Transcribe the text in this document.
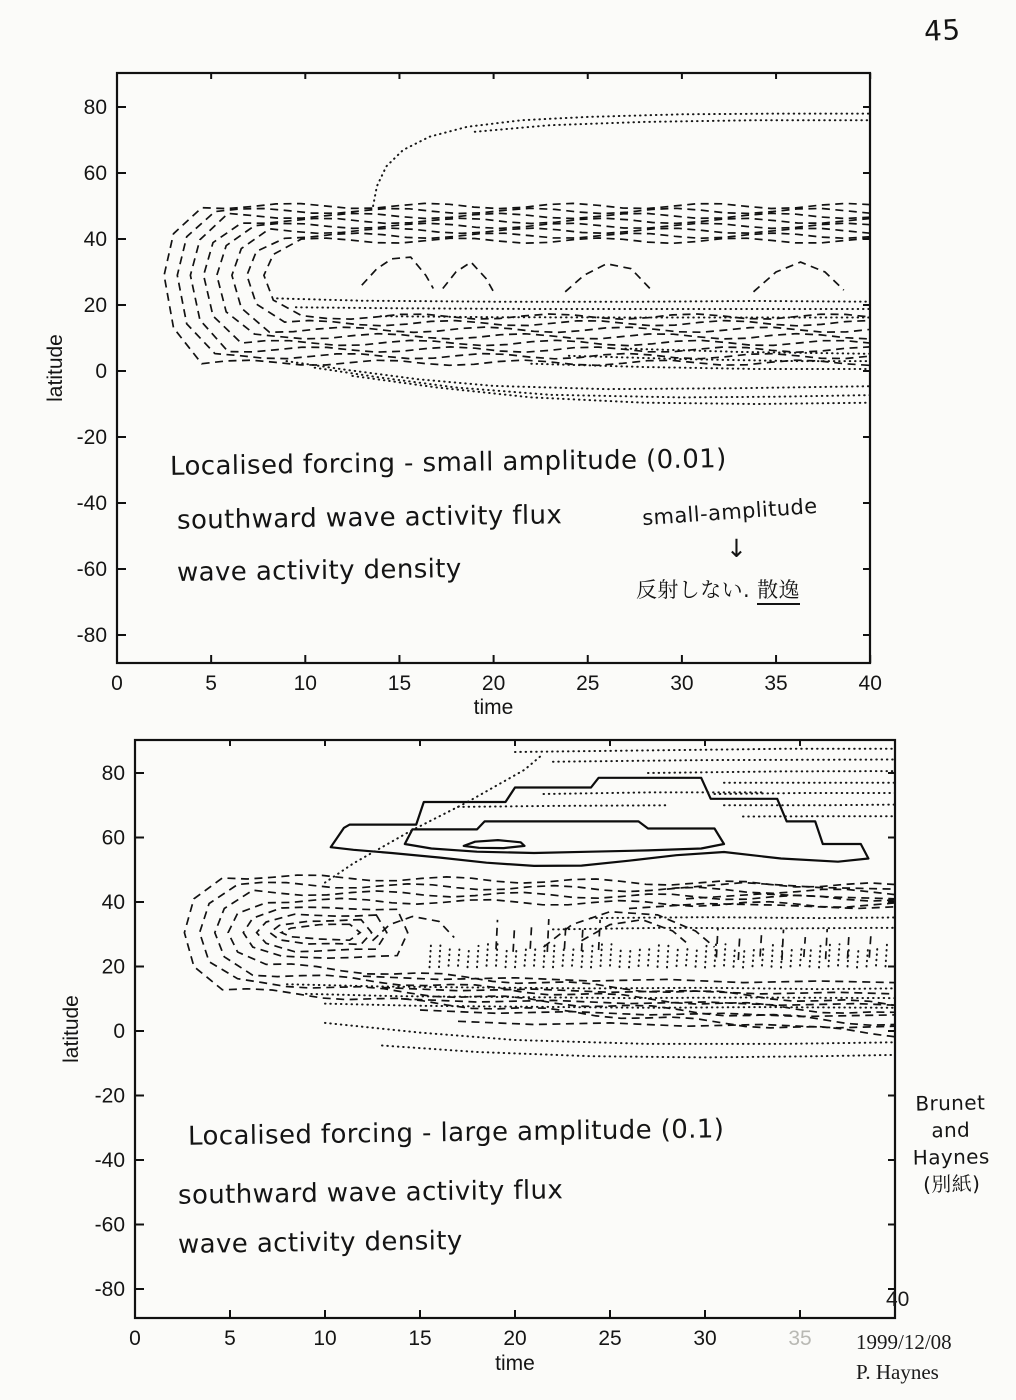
0	5	10	15	20	25	30	35	40
-80
-60
-40
-20
0
20
40
60
80
time
latitude
0	5	10	15	20	25	30	35
-80
-60
-40
-20
0
20
40
60
80
time
latitude
45
Localised forcing - small amplitude (0.01)
southward wave activity flux
wave activity density
small-amplitude
↓
反射しない. 散逸
Localised forcing - large amplitude (0.1)
southward wave activity flux
wave activity density
Brunet
and
Haynes
(別紙)
40
1999/12/08
P. Haynes
